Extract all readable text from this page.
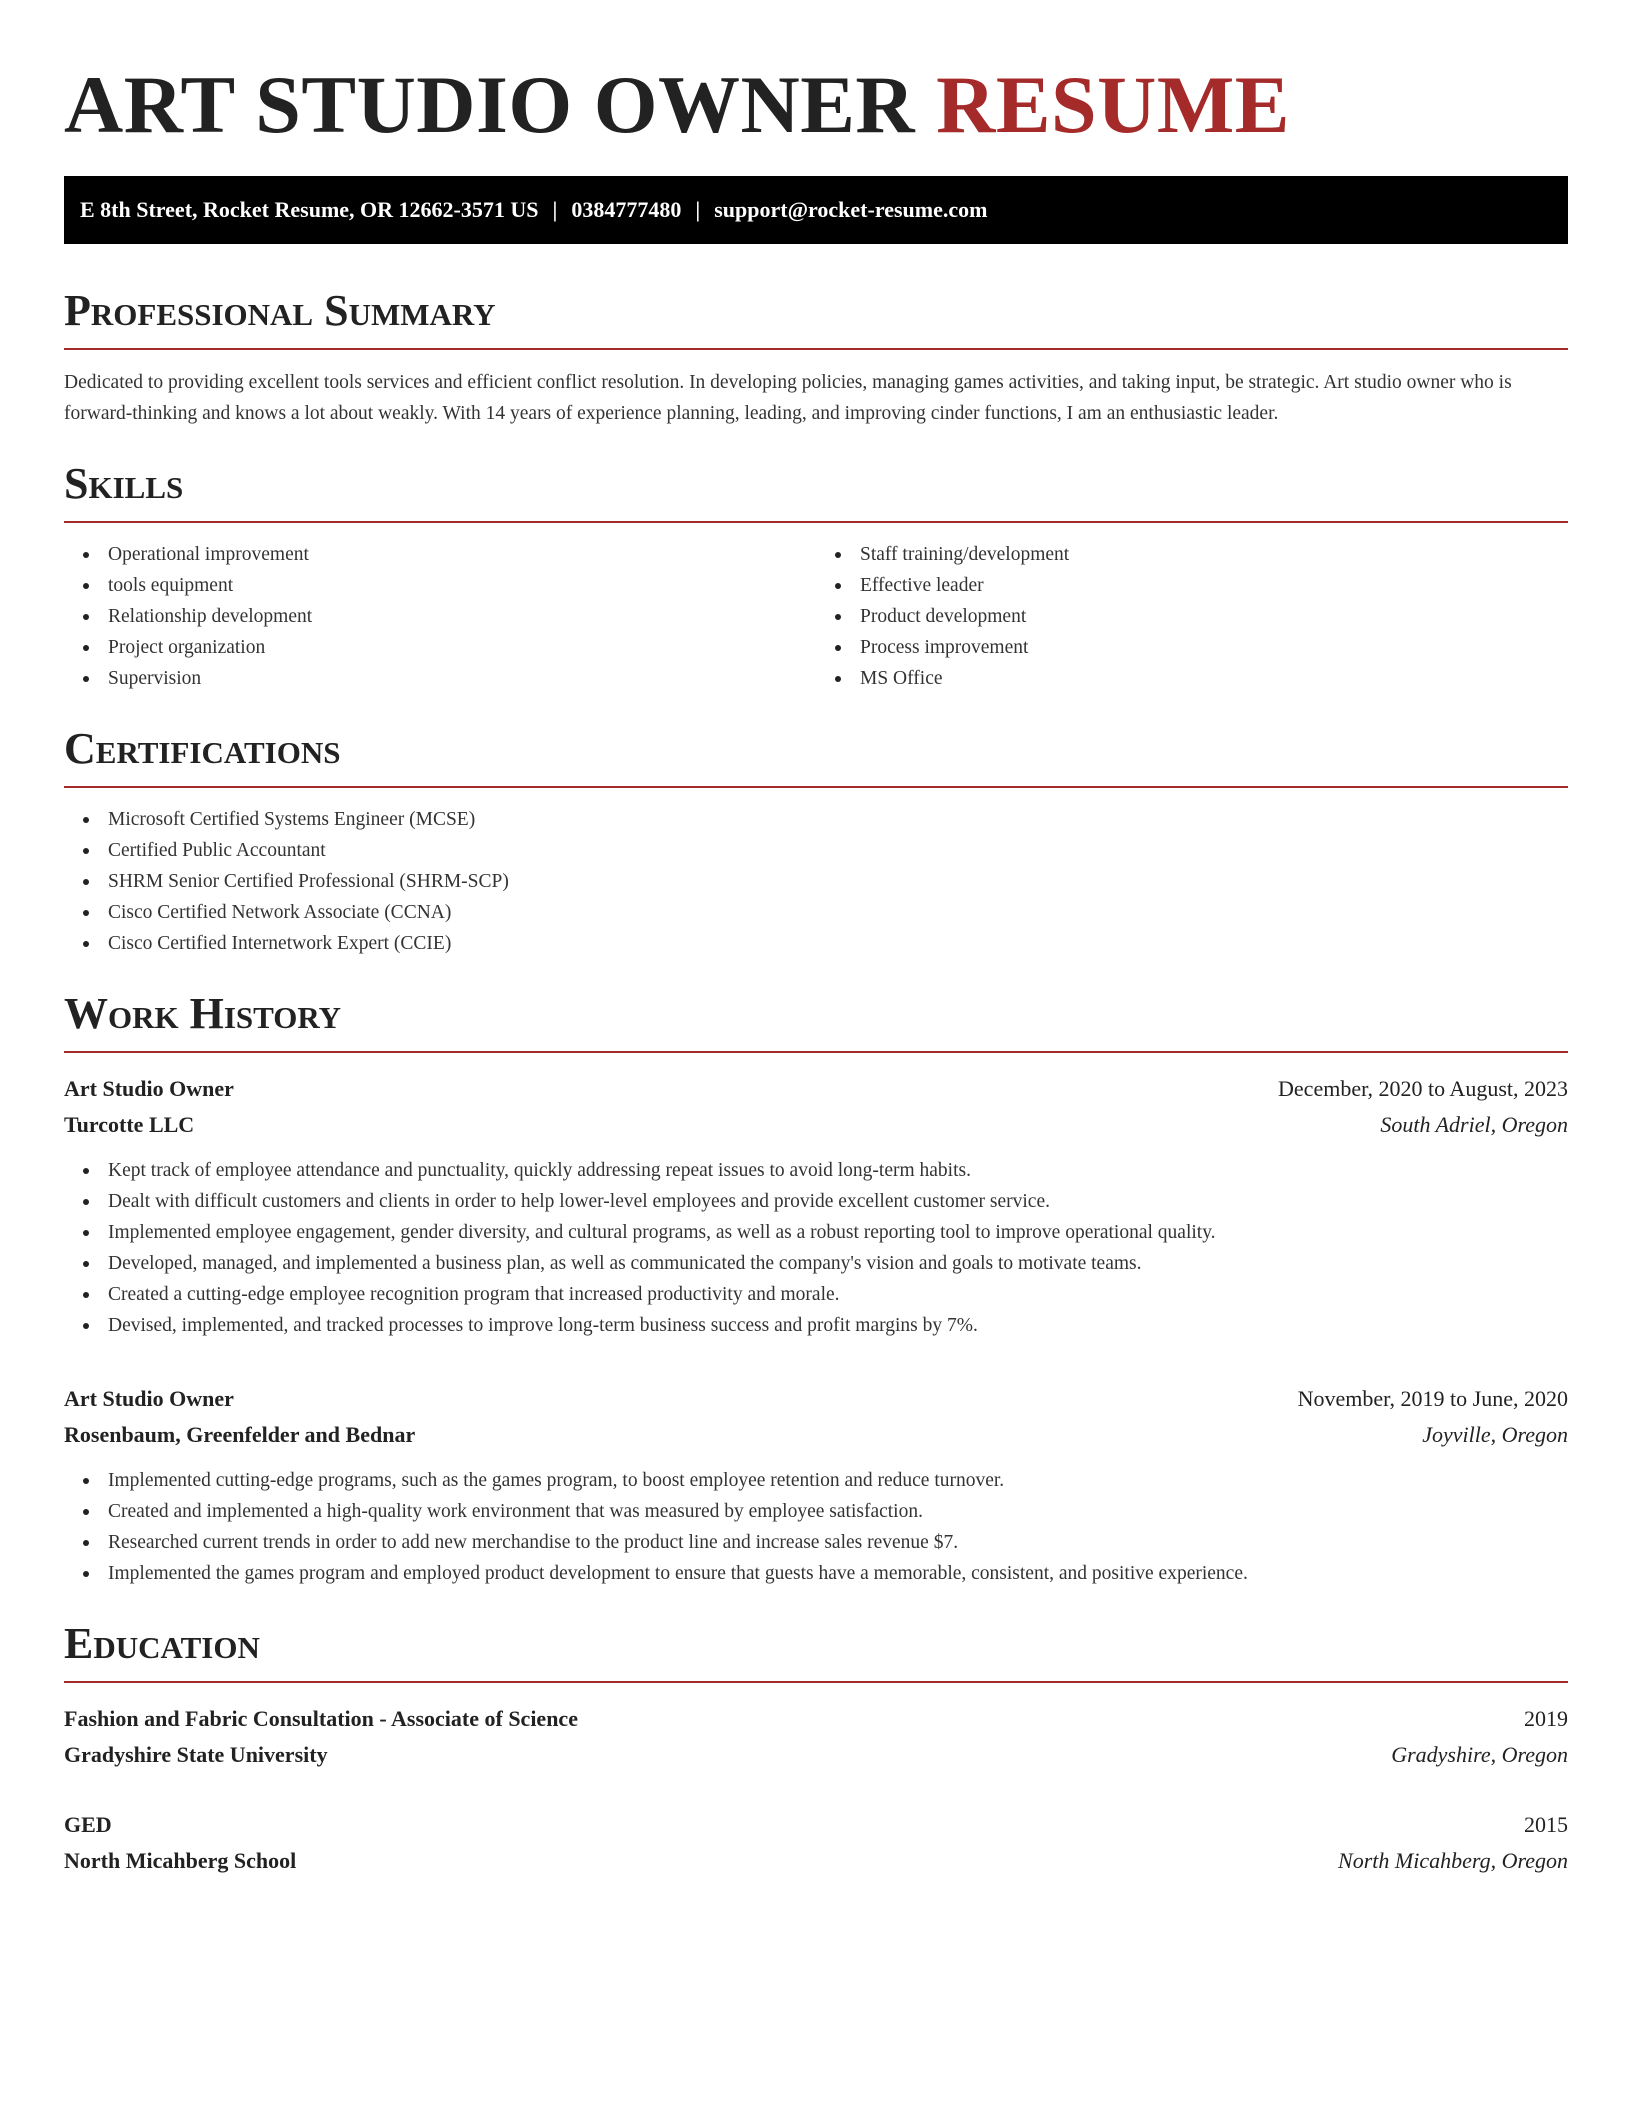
ART STUDIO OWNER RESUME
E 8th Street, Rocket Resume, OR 12662-3571 US | 0384777480 | support@rocket-resume.com
Professional Summary

Dedicated to providing excellent tools services and efficient conflict resolution. In developing policies, managing games activities, and taking input, be strategic. Art studio owner who is forward-thinking and knows a lot about weakly. With 14 years of experience planning, leading, and improving cinder functions, I am an enthusiastic leader.

Skills
Operational improvement
tools equipment
Relationship development
Project organization
Supervision
Staff training/development
Effective leader
Product development
Process improvement
MS Office
Certifications
Microsoft Certified Systems Engineer (MCSE)
Certified Public Accountant
SHRM Senior Certified Professional (SHRM-SCP)
Cisco Certified Network Associate (CCNA)
Cisco Certified Internetwork Expert (CCIE)
Work History
Art Studio Owner	December, 2020 to August, 2023
Turcotte LLC	South Adriel, Oregon
Kept track of employee attendance and punctuality, quickly addressing repeat issues to avoid long-term habits.
Dealt with difficult customers and clients in order to help lower-level employees and provide excellent customer service.
Implemented employee engagement, gender diversity, and cultural programs, as well as a robust reporting tool to improve operational quality.
Developed, managed, and implemented a business plan, as well as communicated the company's vision and goals to motivate teams.
Created a cutting-edge employee recognition program that increased productivity and morale.
Devised, implemented, and tracked processes to improve long-term business success and profit margins by 7%.
Art Studio Owner	November, 2019 to June, 2020
Rosenbaum, Greenfelder and Bednar	Joyville, Oregon
Implemented cutting-edge programs, such as the games program, to boost employee retention and reduce turnover.
Created and implemented a high-quality work environment that was measured by employee satisfaction.
Researched current trends in order to add new merchandise to the product line and increase sales revenue $7.
Implemented the games program and employed product development to ensure that guests have a memorable, consistent, and positive experience.
Education
Fashion and Fabric Consultation - Associate of Science	2019
Gradyshire State University	Gradyshire, Oregon
GED	2015
North Micahberg School	North Micahberg, Oregon
